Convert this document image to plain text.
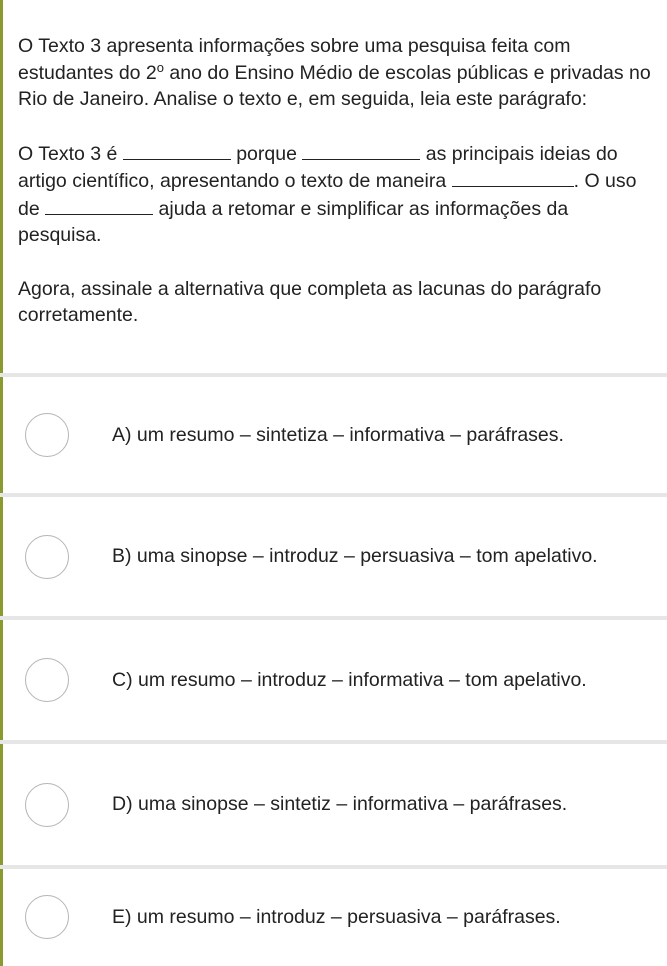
O Texto 3 apresenta informações sobre uma pesquisa feita com estudantes do 2$^o$ ano do Ensino Médio de escolas públicas e privadas no Rio de Janeiro. Analise o texto e, em seguida, leia este parágrafo:

O Texto 3 é	porque	as principais ideias do artigo científico, apresentando o texto de maneira	. O uso de	ajuda a retomar e simplificar as informações da pesquisa.

Agora, assinale a alternativa que completa as lacunas do parágrafo corretamente.

A) um resumo – sintetiza – informativa – paráfrases.
B) uma sinopse – introduz – persuasiva – tom apelativo.
C) um resumo – introduz – informativa – tom apelativo.
D) uma sinopse – sintetiz – informativa – paráfrases.
E) um resumo – introduz – persuasiva – paráfrases.
